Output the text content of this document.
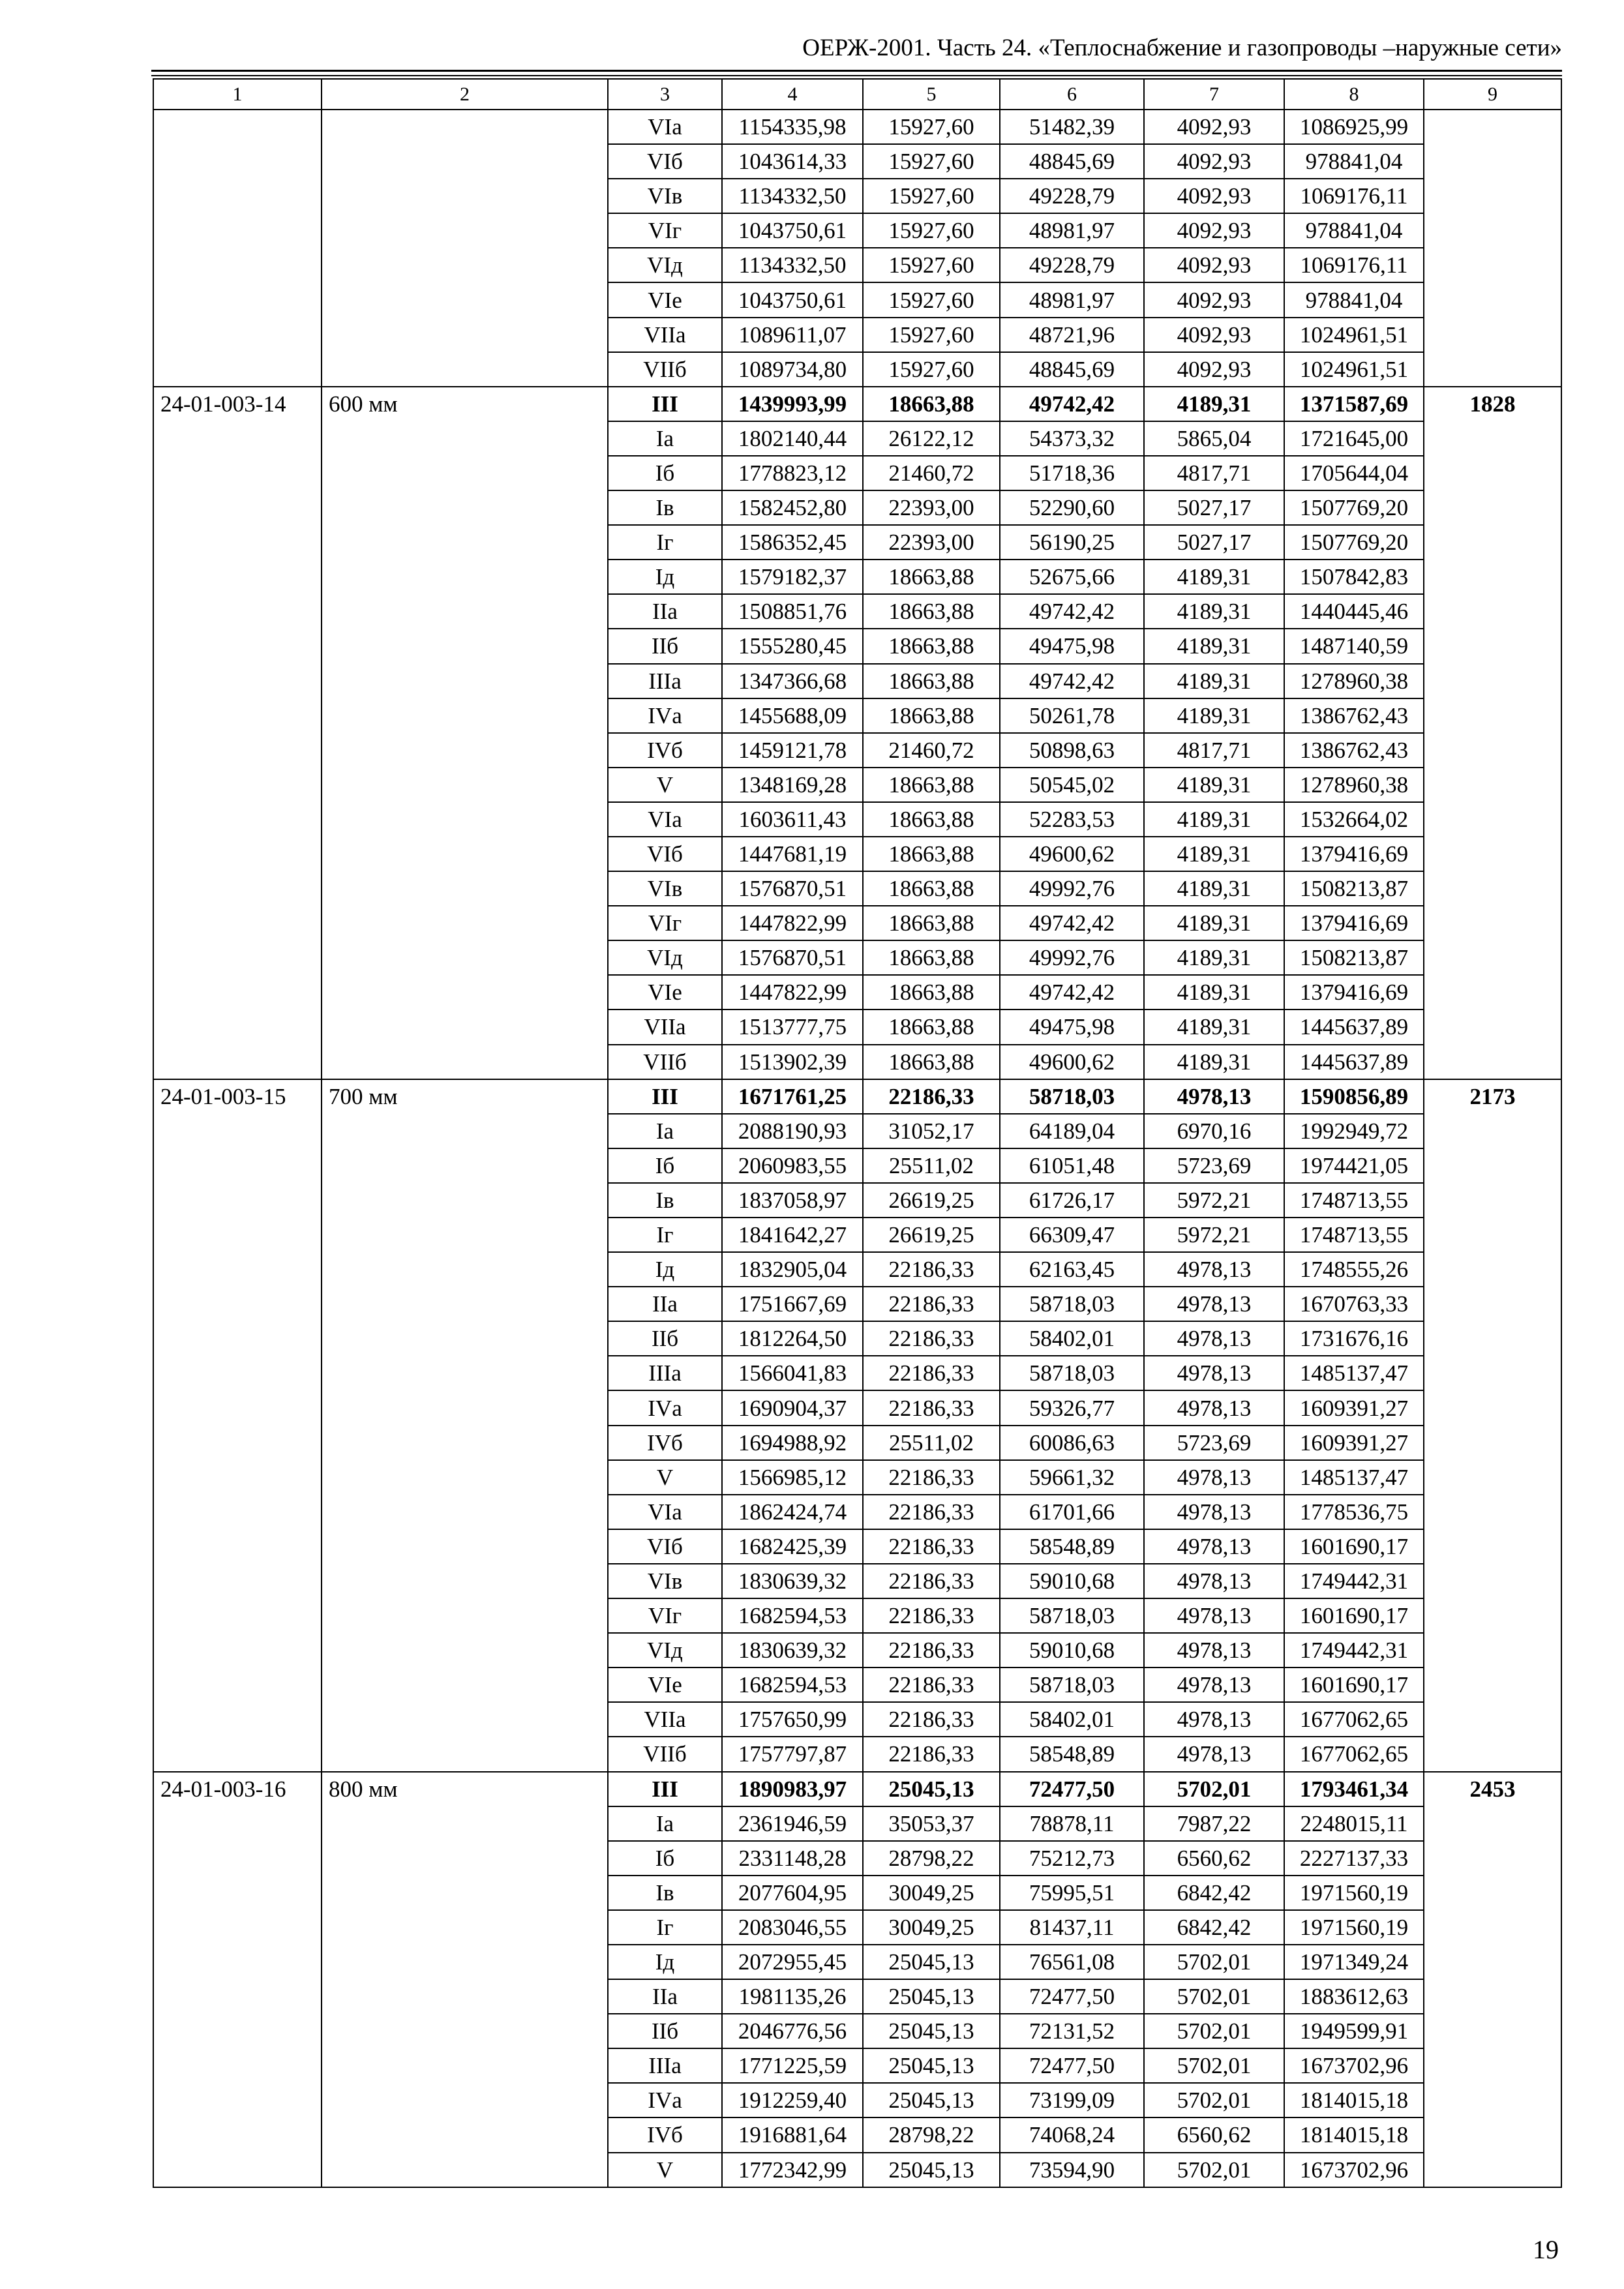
ОЕРЖ-2001. Часть 24. «Теплоснабжение и газопроводы –наружные сети»
1	2	3	4	5	6	7	8	9
		VIа	1154335,98	15927,60	51482,39	4092,93	1086925,99	
		VIб	1043614,33	15927,60	48845,69	4092,93	978841,04	
		VIв	1134332,50	15927,60	49228,79	4092,93	1069176,11	
		VIг	1043750,61	15927,60	48981,97	4092,93	978841,04	
		VIд	1134332,50	15927,60	49228,79	4092,93	1069176,11	
		VIе	1043750,61	15927,60	48981,97	4092,93	978841,04	
		VIIа	1089611,07	15927,60	48721,96	4092,93	1024961,51	
		VIIб	1089734,80	15927,60	48845,69	4092,93	1024961,51	
24-01-003-14	600 мм	III	1439993,99	18663,88	49742,42	4189,31	1371587,69	1828
		Iа	1802140,44	26122,12	54373,32	5865,04	1721645,00	
		Iб	1778823,12	21460,72	51718,36	4817,71	1705644,04	
		Iв	1582452,80	22393,00	52290,60	5027,17	1507769,20	
		Iг	1586352,45	22393,00	56190,25	5027,17	1507769,20	
		Iд	1579182,37	18663,88	52675,66	4189,31	1507842,83	
		IIа	1508851,76	18663,88	49742,42	4189,31	1440445,46	
		IIб	1555280,45	18663,88	49475,98	4189,31	1487140,59	
		IIIа	1347366,68	18663,88	49742,42	4189,31	1278960,38	
		IVа	1455688,09	18663,88	50261,78	4189,31	1386762,43	
		IVб	1459121,78	21460,72	50898,63	4817,71	1386762,43	
		V	1348169,28	18663,88	50545,02	4189,31	1278960,38	
		VIа	1603611,43	18663,88	52283,53	4189,31	1532664,02	
		VIб	1447681,19	18663,88	49600,62	4189,31	1379416,69	
		VIв	1576870,51	18663,88	49992,76	4189,31	1508213,87	
		VIг	1447822,99	18663,88	49742,42	4189,31	1379416,69	
		VIд	1576870,51	18663,88	49992,76	4189,31	1508213,87	
		VIе	1447822,99	18663,88	49742,42	4189,31	1379416,69	
		VIIа	1513777,75	18663,88	49475,98	4189,31	1445637,89	
		VIIб	1513902,39	18663,88	49600,62	4189,31	1445637,89	
24-01-003-15	700 мм	III	1671761,25	22186,33	58718,03	4978,13	1590856,89	2173
		Iа	2088190,93	31052,17	64189,04	6970,16	1992949,72	
		Iб	2060983,55	25511,02	61051,48	5723,69	1974421,05	
		Iв	1837058,97	26619,25	61726,17	5972,21	1748713,55	
		Iг	1841642,27	26619,25	66309,47	5972,21	1748713,55	
		Iд	1832905,04	22186,33	62163,45	4978,13	1748555,26	
		IIа	1751667,69	22186,33	58718,03	4978,13	1670763,33	
		IIб	1812264,50	22186,33	58402,01	4978,13	1731676,16	
		IIIа	1566041,83	22186,33	58718,03	4978,13	1485137,47	
		IVа	1690904,37	22186,33	59326,77	4978,13	1609391,27	
		IVб	1694988,92	25511,02	60086,63	5723,69	1609391,27	
		V	1566985,12	22186,33	59661,32	4978,13	1485137,47	
		VIа	1862424,74	22186,33	61701,66	4978,13	1778536,75	
		VIб	1682425,39	22186,33	58548,89	4978,13	1601690,17	
		VIв	1830639,32	22186,33	59010,68	4978,13	1749442,31	
		VIг	1682594,53	22186,33	58718,03	4978,13	1601690,17	
		VIд	1830639,32	22186,33	59010,68	4978,13	1749442,31	
		VIе	1682594,53	22186,33	58718,03	4978,13	1601690,17	
		VIIа	1757650,99	22186,33	58402,01	4978,13	1677062,65	
		VIIб	1757797,87	22186,33	58548,89	4978,13	1677062,65	
24-01-003-16	800 мм	III	1890983,97	25045,13	72477,50	5702,01	1793461,34	2453
		Iа	2361946,59	35053,37	78878,11	7987,22	2248015,11	
		Iб	2331148,28	28798,22	75212,73	6560,62	2227137,33	
		Iв	2077604,95	30049,25	75995,51	6842,42	1971560,19	
		Iг	2083046,55	30049,25	81437,11	6842,42	1971560,19	
		Iд	2072955,45	25045,13	76561,08	5702,01	1971349,24	
		IIа	1981135,26	25045,13	72477,50	5702,01	1883612,63	
		IIб	2046776,56	25045,13	72131,52	5702,01	1949599,91	
		IIIа	1771225,59	25045,13	72477,50	5702,01	1673702,96	
		IVа	1912259,40	25045,13	73199,09	5702,01	1814015,18	
		IVб	1916881,64	28798,22	74068,24	6560,62	1814015,18	
		V	1772342,99	25045,13	73594,90	5702,01	1673702,96	
19
